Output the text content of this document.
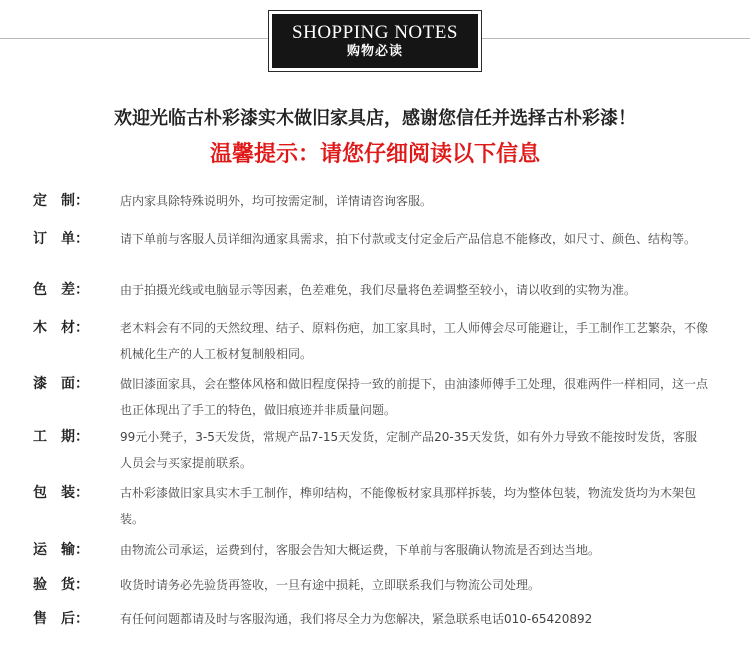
SHOPPING NOTES
购物必读
欢迎光临古朴彩漆实木做旧家具店，感谢您信任并选择古朴彩漆！
温馨提示：请您仔细阅读以下信息
定　制：	店内家具除特殊说明外，均可按需定制，详情请咨询客服。
订　单：	请下单前与客服人员详细沟通家具需求，拍下付款或支付定金后产品信息不能修改，如尺寸、颜色、结构等。
色　差：	由于拍摄光线或电脑显示等因素，色差难免，我们尽量将色差调整至较小，请以收到的实物为准。
木　材：	老木料会有不同的天然纹理、结子、原料伤疤，加工家具时，工人师傅会尽可能避让，手工制作工艺繁杂，不像机械化生产的人工板材复制般相同。
漆　面：	做旧漆面家具，会在整体风格和做旧程度保持一致的前提下，由油漆师傅手工处理，很难两件一样相同，这一点也正体现出了手工的特色，做旧痕迹并非质量问题。
工　期：	99元小凳子，3-5天发货，常规产品7-15天发货，定制产品20-35天发货，如有外力导致不能按时发货，客服人员会与买家提前联系。
包　装：	古朴彩漆做旧家具实木手工制作，榫卯结构，不能像板材家具那样拆装，均为整体包装，物流发货均为木架包装。
运　输：	由物流公司承运，运费到付，客服会告知大概运费，下单前与客服确认物流是否到达当地。
验　货：	收货时请务必先验货再签收，一旦有途中损耗，立即联系我们与物流公司处理。
售　后：	有任何问题都请及时与客服沟通，我们将尽全力为您解决，紧急联系电话010-65420892
